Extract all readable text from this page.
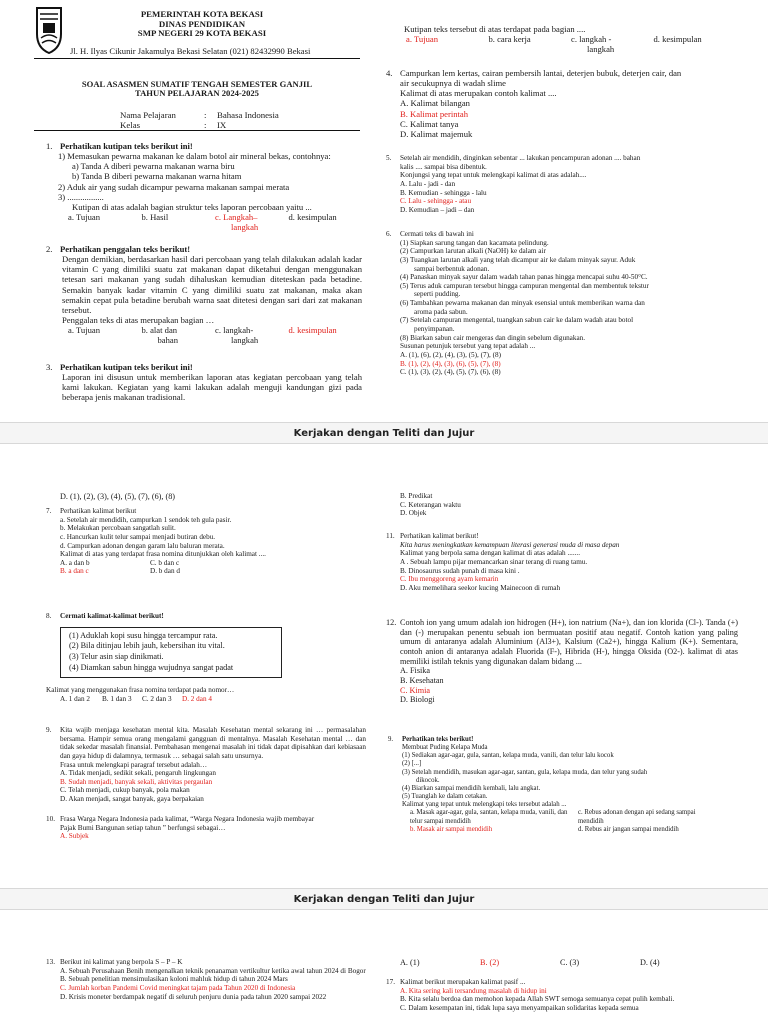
PEMERINTAH KOTA BEKASI
DINAS PENDIDIKAN
SMP NEGERI 29 KOTA BEKASI
Jl. H. Ilyas Cikunir Jakamulya Bekasi Selatan (021) 82432990 Bekasi
SOAL ASASMEN SUMATIF TENGAH SEMESTER GANJIL
TAHUN PELAJARAN 2024-2025
Nama Pelajaran	:	Bahasa Indonesia
Kelas	:	IX
1. Perhatikan kutipan teks berikut ini!
1) Memasukan pewarna makanan ke dalam botol air mineral bekas, contohnya:
a) Tanda A diberi pewarna makanan warna biru
b) Tanda B diberi pewarna makanan warna hitam
2) Aduk air yang sudah dicampur pewarna makanan sampai merata
3) .................
Kutipan di atas adalah bagian struktur teks laporan percobaan yaitu ...
a. Tujuan	b. Hasil	c. Langkah–
langkah
d. kesimpulan
2. Perhatikan penggalan teks berikut!
Dengan demikian, berdasarkan hasil dari percobaan yang telah dilakukan adalah kadar vitamin C yang dimiliki suatu zat makanan dapat diketahui dengan menggunakan tetesan sari makanan yang sudah dihaluskan kemudian diteteskan pada betadine. Semakin banyak kadar vitamin C yang dimiliki suatu zat makanan, maka akan semakin cepat pula betadine berubah warna saat ditetesi dengan sari dari zat makanan tersebut.
Penggalan teks di atas merupakan bagian …
a. Tujuan	b. alat dan
bahan
c. langkah-
langkah
d. kesimpulan
3. Perhatikan kutipan teks berikut ini!
Laporan ini disusun untuk memberikan laporan atas kegiatan percobaan yang telah kami lakukan. Kegiatan yang kami lakukan adalah menguji kandungan gizi pada beberapa jenis makanan tradisional.
Kutipan teks tersebut di atas terdapat pada bagian ....
a. Tujuan	b. cara kerja	c. langkah -
langkah
d. kesimpulan
4. Campurkan lem kertas, cairan pembersih lantai, deterjen bubuk, deterjen cair, dan
air secukupnya di wadah slime
Kalimat di atas merupakan contoh kalimat ....
A. Kalimat bilangan
B. Kalimat perintah
C. Kalimat tanya
D. Kalimat majemuk
5.	Setelah air mendidih, dinginkan sebentar ... lakukan pencampuran adonan .... bahan
kalis .... sampai bisa dibentuk.
Konjungsi yang tepat untuk melengkapi kalimat di atas adalah....
A. Lalu - jadi - dan
B. Kemudian - sehingga - lalu
C. Lalu - sehingga - atau
D. Kemudian – jadi – dan
6.	Cermati teks di bawah ini
(1) Siapkan sarung tangan dan kacamata pelindung.
(2) Campurkan larutan alkali (NaOH) ke dalam air
(3) Tuangkan larutan alkali yang telah dicampur air ke dalam minyak sayur. Aduk
sampai berbentuk adonan.
(4) Panaskan minyak sayur dalam wadah tahan panas hingga mencapai suhu 40-50°C.
(5) Terus aduk campuran tersebut hingga campuran mengental dan membentuk tekstur
seperti pudding.
(6) Tambahkan pewarna makanan dan minyak esensial untuk memberikan warna dan
aroma pada sabun.
(7) Setelah campuran mengental, tuangkan sabun cair ke dalam wadah atau botol
penyimpanan.
(8) Biarkan sabun cair mengeras dan dingin sebelum digunakan.
Susunan petunjuk tersebut yang tepat adalah ...
A. (1), (6), (2), (4), (3), (5), (7), (8)
B. (1), (2), (4), (3), (6), (5), (7), (8)
C. (1), (3), (2), (4), (5), (7), (6), (8)
Kerjakan dengan Teliti dan Jujur
D. (1), (2), (3), (4), (5), (7), (6), (8)
7.	Perhatikan kalimat berikut
a. Setelah air mendidih, campurkan 1 sendok teh gula pasir.
b. Melakukan percobaan sangatlah sulit.
c. Hancurkan kulit telur sampai menjadi butiran debu.
d. Campurkan adonan dengan garam lalu baluran merata.
Kalimat di atas yang terdapat frasa nomina ditunjukkan oleh kalimat ....
A. a dan b	C. b dan c
B. a dan c	D. b dan d
8.	Cermati kalimat-kalimat berikut!
(1) Aduklah kopi susu hingga tercampur rata.
(2) Bila ditinjau lebih jauh, kebersihan itu vital.
(3) Telur asin siap dinikmati.
(4) Diamkan sabun hingga wujudnya sangat padat
Kalimat yang menggunakan frasa nomina terdapat pada nomor…
A. 1 dan 2	B. 1 dan 3	C. 2 dan 3	D. 2 dan 4
9.	Kita wajib menjaga kesehatan mental kita. Masalah Kesehatan mental sekarang ini … permasalahan bersama. Hampir semua orang mengalami gangguan di mentalnya. Masalah Kesehatan mental … dan tidak sekedar masalah finansial. Pembahasan mengenai masalah ini tidak dapat dipisahkan dari kebiasaan dan gaya hidup di dalamnya, termasuk … sebagai salah satu unsurnya.
Frasa untuk melengkapi paragraf tersebut adalah…
A. Tidak menjadi, sedikit sekali, pengaruh lingkungan
B. Sudah menjadi, banyak sekali, aktivitas pergaulan
C. Telah menjadi, cukup banyak, pola makan
D. Akan menjadi, sangat banyak, gaya berpakaian
10. Frasa Warga Negara Indonesia pada kalimat, “Warga Negara Indonesia wajib membayar
Pajak Bumi Bangunan setiap tahun ” berfungsi sebagai…
A. Subjek
B. Predikat
C. Keterangan waktu
D. Objek
11. Perhatikan kalimat berikut!
Kita harus meningkatkan kemampuan literasi generasi muda di masa depan
Kalimat yang berpola sama dengan kalimat di atas adalah .......
A . Sebuah lampu pijar memancarkan sinar terang di ruang tamu.
B. Dinosaurus sudah punah di masa kini .
C. Ibu menggoreng ayam kemarin
D. Aku memelihara seekor kucing Mainecoon di rumah
12. Contoh ion yang umum adalah ion hidrogen (H+), ion natrium (Na+), dan ion klorida (Cl-). Tanda (+) dan (-) merupakan penentu sebuah ion bermuatan positif atau negatif. Contoh kation yang paling umum di antaranya adalah Aluminium (Al3+), Kalsium (Ca2+), hingga Kalium (K+). Sementara, contoh anion di antaranya adalah Fluorida (F-), Hibrida (H-), hingga Oksida (O2-). kalimat di atas memiliki istilah teknis yang digunakan dalam bidang ...
A. Fisika
B. Kesehatan
C. Kimia
D. Biologi
9.	Perhatikan teks berikut!
Membuat Puding Kelapa Muda
(1) Sediakan agar-agar, gula, santan, kelapa muda, vanili, dan telur lalu kocok
(2) [...]
(3) Setelah mendidih, masukan agar-agar, santan, gula, kelapa muda, dan telur yang sudah
dikocok.
(4) Biarkan sampai mendidih kembali, lalu angkat.
(5) Tuanglah ke dalam cetakan.
Kalimat yang tepat untuk melengkapi teks tersebut adalah ...
a. Masak agar-agar, gula, santan, kelapa muda, vanili, dan telur sampai mendidih
b. Masak air sampai mendidih
c. Rebus adonan dengan api sedang sampai mendidih
d. Rebus air jangan sampai mendidih
Kerjakan dengan Teliti dan Jujur
13. Berikut ini kalimat yang berpola S – P – K
A. Sebuah Perusahaan Benih mengenalkan teknik penanaman vertikultur ketika awal tahun 2024 di Bogor
B. Sebuah penelitian mensimulasikan koloni mahluk hidup di tahun 2024 Mars
C. Jumlah korban Pandemi Covid meningkat tajam pada Tahun 2020 di Indonesia
D. Krisis moneter berdampak negatif di seluruh penjuru dunia pada tahun 2020 sampai 2022
A. (1)	B. (2)	C. (3)	D. (4)
17. Kalimat berikut merupakan kalimat pasif ...
A. Kita sering kali tersandung masalah di hidup ini
B. Kita selalu berdoa dan memohon kepada Allah SWT semoga semuanya cepat pulih kembali.
C. Dalam kesempatan ini, tidak lupa saya menyampaikan solidaritas kepada semua
